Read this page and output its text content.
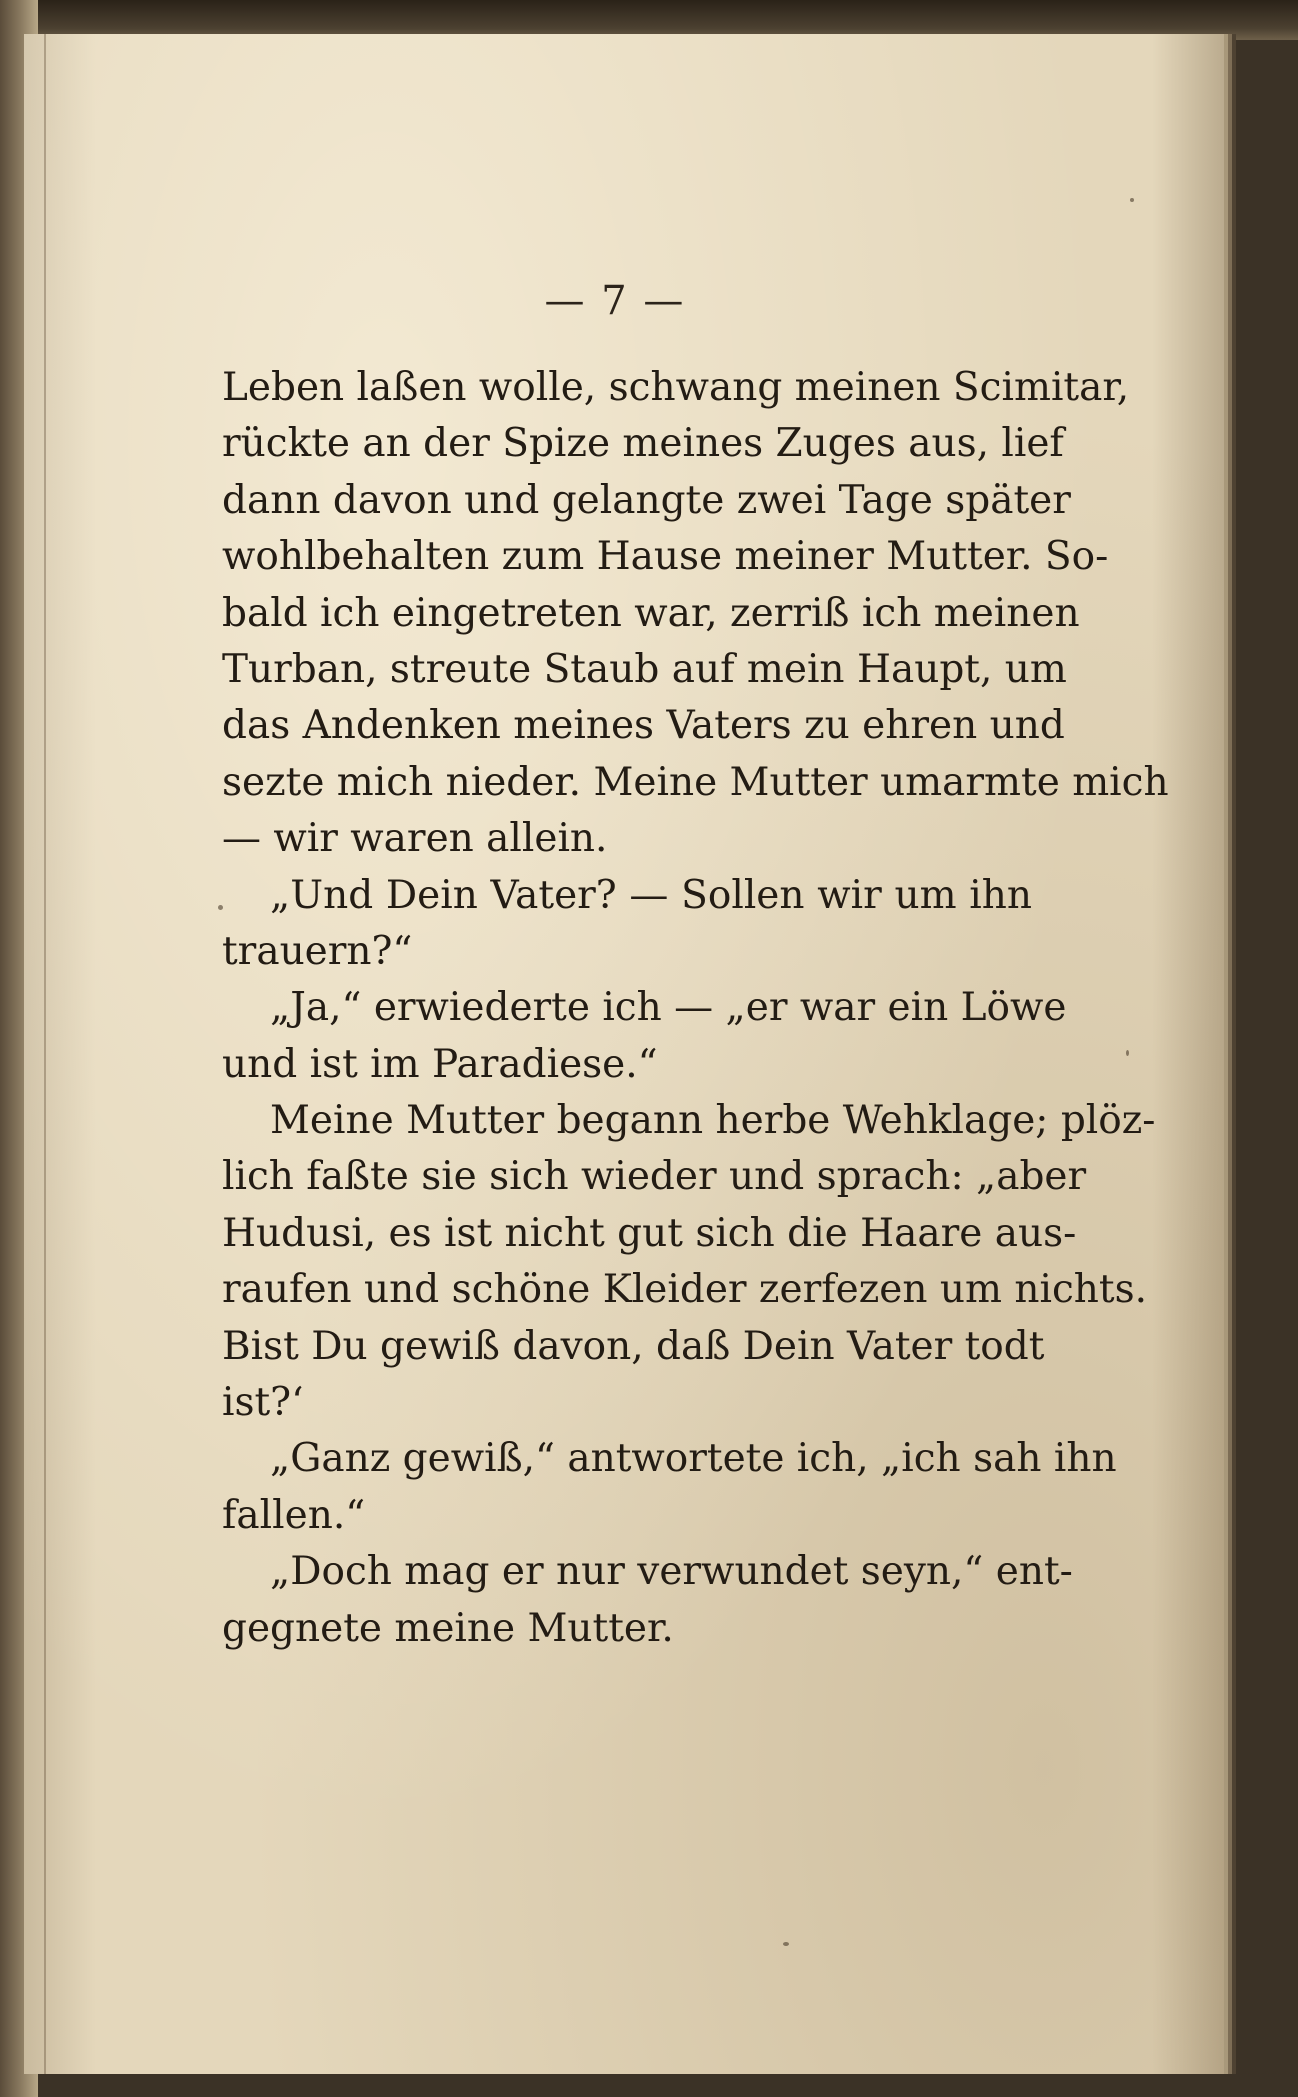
— 7 —
Leben laßen wolle, schwang meinen Scimitar,
rückte an der Spize meines Zuges aus, lief
dann davon und gelangte zwei Tage später
wohlbehalten zum Hause meiner Mutter. So-
bald ich eingetreten war, zerriß ich meinen
Turban, streute Staub auf mein Haupt, um
das Andenken meines Vaters zu ehren und
sezte mich nieder. Meine Mutter umarmte mich
— wir waren allein.
„Und Dein Vater? — Sollen wir um ihn
trauern?“
„Ja,“ erwiederte ich — „er war ein Löwe
und ist im Paradiese.“
Meine Mutter begann herbe Wehklage; plöz-
lich faßte sie sich wieder und sprach: „aber
Hudusi, es ist nicht gut sich die Haare aus-
raufen und schöne Kleider zerfezen um nichts.
Bist Du gewiß davon, daß Dein Vater todt
ist?‘
„Ganz gewiß,“ antwortete ich, „ich sah ihn
fallen.“
„Doch mag er nur verwundet seyn,“ ent-
gegnete meine Mutter.
